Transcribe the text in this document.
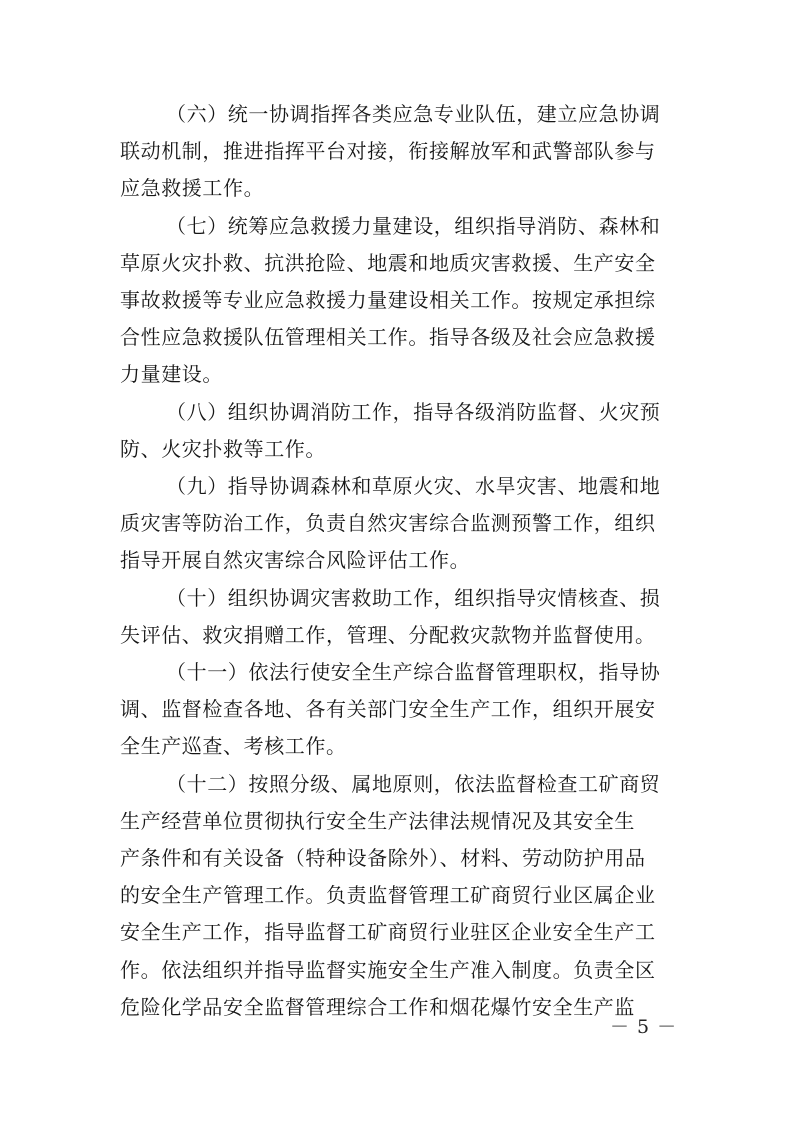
（六）统一协调指挥各类应急专业队伍，建立应急协调
联动机制，推进指挥平台对接，衔接解放军和武警部队参与
应急救援工作。
（七）统筹应急救援力量建设，组织指导消防、森林和
草原火灾扑救、抗洪抢险、地震和地质灾害救援、生产安全
事故救援等专业应急救援力量建设相关工作。按规定承担综
合性应急救援队伍管理相关工作。指导各级及社会应急救援
力量建设。
（八）组织协调消防工作，指导各级消防监督、火灾预
防、火灾扑救等工作。
（九）指导协调森林和草原火灾、水旱灾害、地震和地
质灾害等防治工作，负责自然灾害综合监测预警工作，组织
指导开展自然灾害综合风险评估工作。
（十）组织协调灾害救助工作，组织指导灾情核查、损
失评估、救灾捐赠工作，管理、分配救灾款物并监督使用。
（十一）依法行使安全生产综合监督管理职权，指导协
调、监督检查各地、各有关部门安全生产工作，组织开展安
全生产巡查、考核工作。
（十二）按照分级、属地原则，依法监督检查工矿商贸
生产经营单位贯彻执行安全生产法律法规情况及其安全生
产条件和有关设备（特种设备除外）、材料、劳动防护用品
的安全生产管理工作。负责监督管理工矿商贸行业区属企业
安全生产工作，指导监督工矿商贸行业驻区企业安全生产工
作。依法组织并指导监督实施安全生产准入制度。负责全区
危险化学品安全监督管理综合工作和烟花爆竹安全生产监
－ 5 －
